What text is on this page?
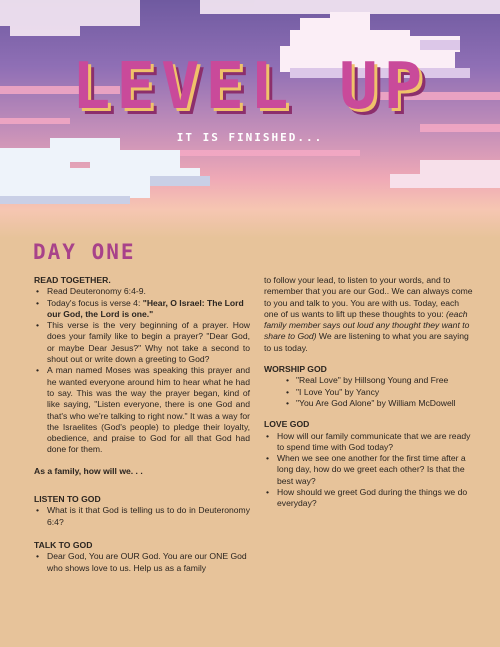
LEVEL UP
IT IS FINISHED...
DAY ONE

READ TOGETHER.

• Read Deuteronomy 6:4-9.
• Today's focus is verse 4: "Hear, O Israel: The Lord our God, the Lord is one."
• This verse is the very beginning of a prayer. How does your family like to begin a prayer? "Dear God, or maybe Dear Jesus?" Why not take a second to shout out or write down a greeting to God?
• A man named Moses was speaking this prayer and he wanted everyone around him to hear what he had to say. This was the way the prayer began, kind of like saying, "Listen everyone, there is one God and that's who we're talking to right now." It was a way for the Israelites (God's people) to pledge their loyalty, obedience, and praise to God for all that God had done for them.

As a family, how will we. . .

LISTEN TO GOD

• What is it that God is telling us to do in Deuteronomy 6:4?

TALK TO GOD

• Dear God, You are OUR God. You are our ONE God who shows love to us. Help us as a family

to follow your lead, to listen to your words, and to remember that you are our God.. We can always come to you and talk to you. You are with us. Today, each one of us wants to lift up these thoughts to you: (each family member says out loud any thought they want to share to God) We are listening to what you are saying to us today.

WORSHIP GOD

• "Real Love" by Hillsong Young and Free
• "I Love You" by Yancy
• "You Are God Alone" by William McDowell

LOVE GOD

• How will our family communicate that we are ready to spend time with God today?
• When we see one another for the first time after a long day, how do we greet each other? Is that the best way?
• How should we greet God during the things we do everyday?
